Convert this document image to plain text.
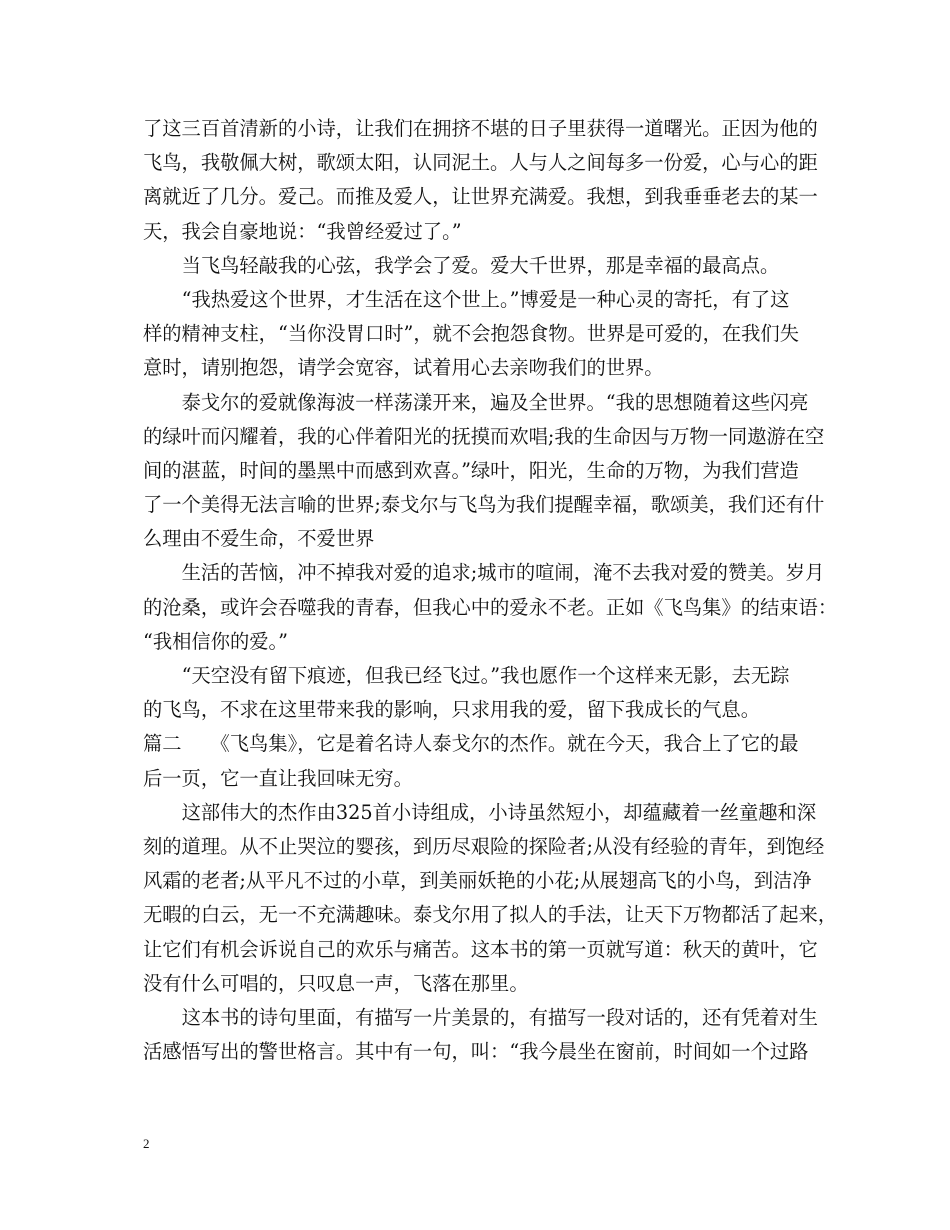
了这三百首清新的小诗，让我们在拥挤不堪的日子里获得一道曙光。正因为他的
飞鸟，我敬佩大树，歌颂太阳，认同泥土。人与人之间每多一份爱，心与心的距
离就近了几分。爱己。而推及爱人，让世界充满爱。我想，到我垂垂老去的某一
天，我会自豪地说：“我曾经爱过了。”
当飞鸟轻敲我的心弦，我学会了爱。爱大千世界，那是幸福的最高点。
“我热爱这个世界，才生活在这个世上。”博爱是一种心灵的寄托，有了这
样的精神支柱，“当你没胃口时”，就不会抱怨食物。世界是可爱的，在我们失
意时，请别抱怨，请学会宽容，试着用心去亲吻我们的世界。
泰戈尔的爱就像海波一样荡漾开来，遍及全世界。“我的思想随着这些闪亮
的绿叶而闪耀着，我的心伴着阳光的抚摸而欢唱;我的生命因与万物一同遨游在空
间的湛蓝，时间的墨黑中而感到欢喜。”绿叶，阳光，生命的万物，为我们营造
了一个美得无法言喻的世界;泰戈尔与飞鸟为我们提醒幸福，歌颂美，我们还有什
么理由不爱生命，不爱世界
生活的苦恼，冲不掉我对爱的追求;城市的喧闹，淹不去我对爱的赞美。岁月
的沧桑，或许会吞噬我的青春，但我心中的爱永不老。正如《飞鸟集》的结束语：
“我相信你的爱。”
“天空没有留下痕迹，但我已经飞过。”我也愿作一个这样来无影，去无踪
的飞鸟，不求在这里带来我的影响，只求用我的爱，留下我成长的气息。
篇二　　《飞鸟集》，它是着名诗人泰戈尔的杰作。就在今天，我合上了它的最
后一页，它一直让我回味无穷。
这部伟大的杰作由325首小诗组成，小诗虽然短小，却蕴藏着一丝童趣和深
刻的道理。从不止哭泣的婴孩，到历尽艰险的探险者;从没有经验的青年，到饱经
风霜的老者;从平凡不过的小草，到美丽妖艳的小花;从展翅高飞的小鸟，到洁净
无暇的白云，无一不充满趣味。泰戈尔用了拟人的手法，让天下万物都活了起来，
让它们有机会诉说自己的欢乐与痛苦。这本书的第一页就写道：秋天的黄叶，它
没有什么可唱的，只叹息一声，飞落在那里。
这本书的诗句里面，有描写一片美景的，有描写一段对话的，还有凭着对生
活感悟写出的警世格言。其中有一句，叫：“我今晨坐在窗前，时间如一个过路
2
